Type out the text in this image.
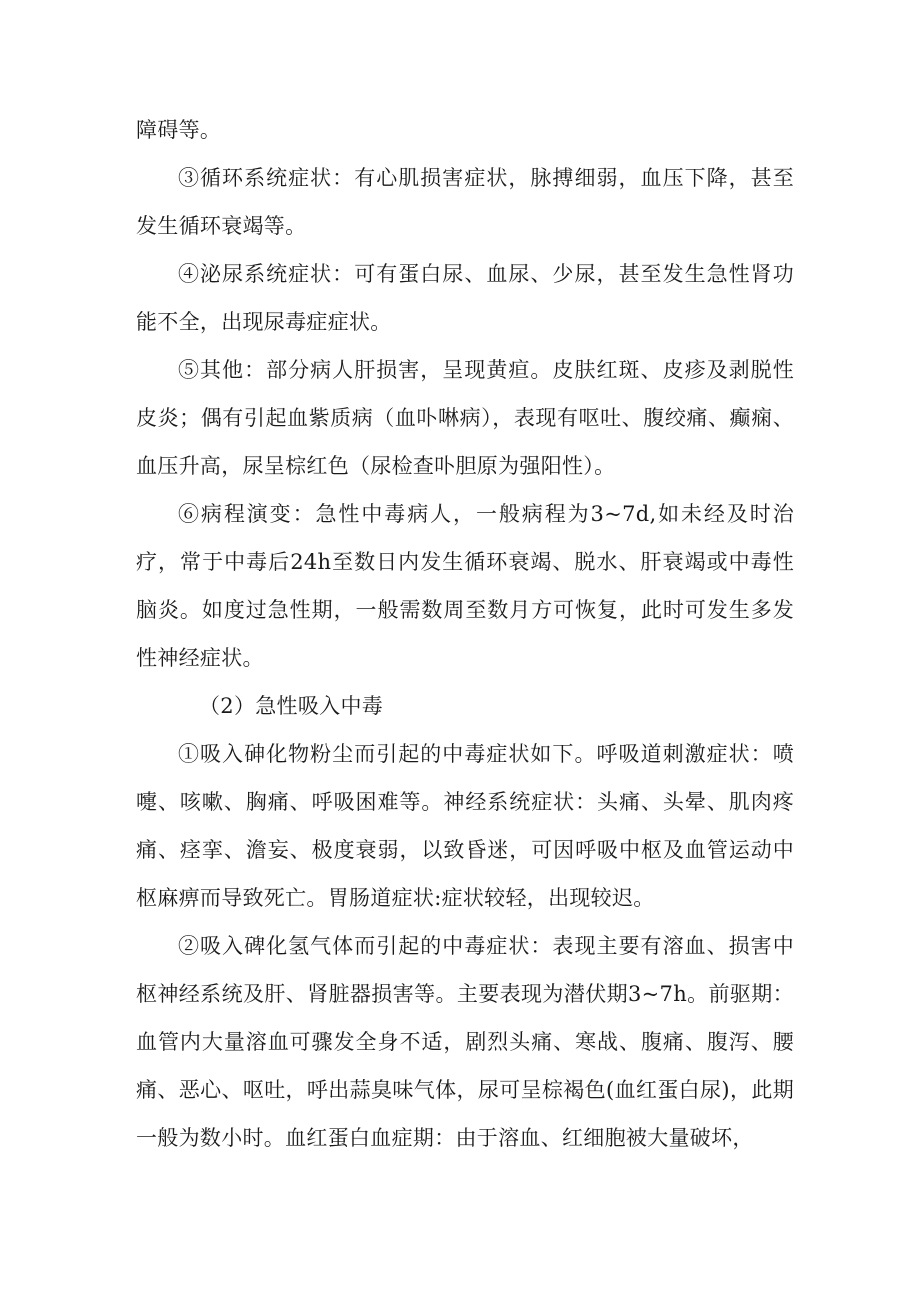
障碍等。

③循环系统症状：有心肌损害症状，脉搏细弱，血压下降，甚至发生循环衰竭等。

④泌尿系统症状：可有蛋白尿、血尿、少尿，甚至发生急性肾功能不全，出现尿毒症症状。

⑤其他：部分病人肝损害，呈现黄疸。皮肤红斑、皮疹及剥脱性皮炎；偶有引起血紫质病（血卟啉病），表现有呕吐、腹绞痛、癫痫、血压升高，尿呈棕红色（尿检查卟胆原为强阳性）。

⑥病程演变：急性中毒病人，一般病程为3~7d,如未经及时治疗，常于中毒后24h至数日内发生循环衰竭、脱水、肝衰竭或中毒性脑炎。如度过急性期，一般需数周至数月方可恢复，此时可发生多发性神经症状。

（2）急性吸入中毒

①吸入砷化物粉尘而引起的中毒症状如下。呼吸道刺激症状：喷嚏、咳嗽、胸痛、呼吸困难等。神经系统症状：头痛、头晕、肌肉疼痛、痉挛、澹妄、极度衰弱，以致昏迷，可因呼吸中枢及血管运动中枢麻痹而导致死亡。胃肠道症状:症状较轻，出现较迟。

②吸入碑化氢气体而引起的中毒症状：表现主要有溶血、损害中枢神经系统及肝、肾脏器损害等。主要表现为潜伏期3~7h。前驱期：血管内大量溶血可骤发全身不适，剧烈头痛、寒战、腹痛、腹泻、腰痛、恶心、呕吐，呼出蒜臭味气体，尿可呈棕褐色(血红蛋白尿)，此期一般为数小时。血红蛋白血症期：由于溶血、红细胞被大量破坏，
